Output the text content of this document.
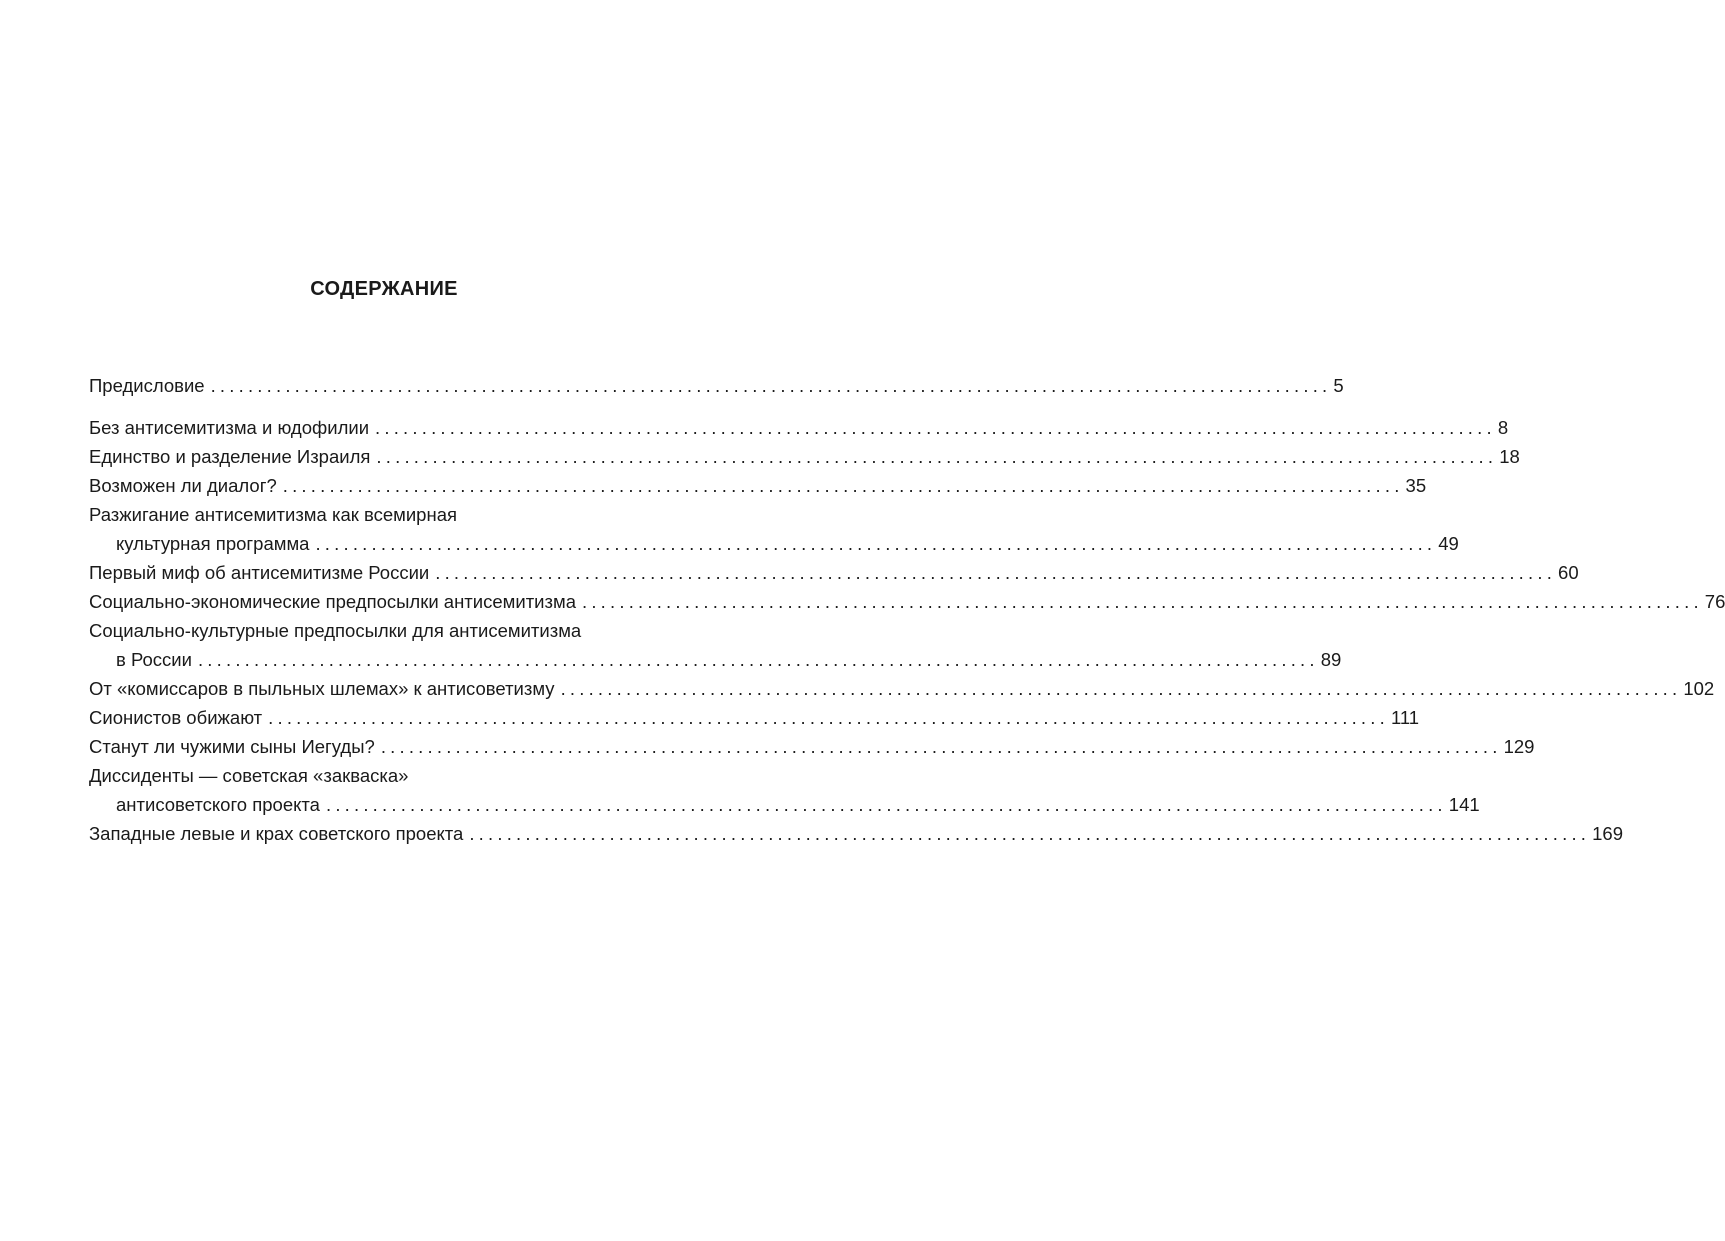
СОДЕРЖАНИЕ
Предисловие ........................................................................................................................ 5
Без антисемитизма и юдофилии ........................................................................................................................ 8
Единство и разделение Израиля ........................................................................................................................ 18
Возможен ли диалог? ........................................................................................................................ 35
Разжигание антисемитизма как всемирная
культурная программа ........................................................................................................................ 49
Первый миф об антисемитизме России ........................................................................................................................ 60
Социально-экономические предпосылки антисемитизма ........................................................................................................................ 76
Социально-культурные предпосылки для антисемитизма
в России ........................................................................................................................ 89
От «комиссаров в пыльных шлемах» к антисоветизму ........................................................................................................................ 102
Сионистов обижают ........................................................................................................................ 111
Станут ли чужими сыны Иегуды? ........................................................................................................................ 129
Диссиденты — советская «закваска»
антисоветского проекта ........................................................................................................................ 141
Западные левые и крах советского проекта ........................................................................................................................ 169
